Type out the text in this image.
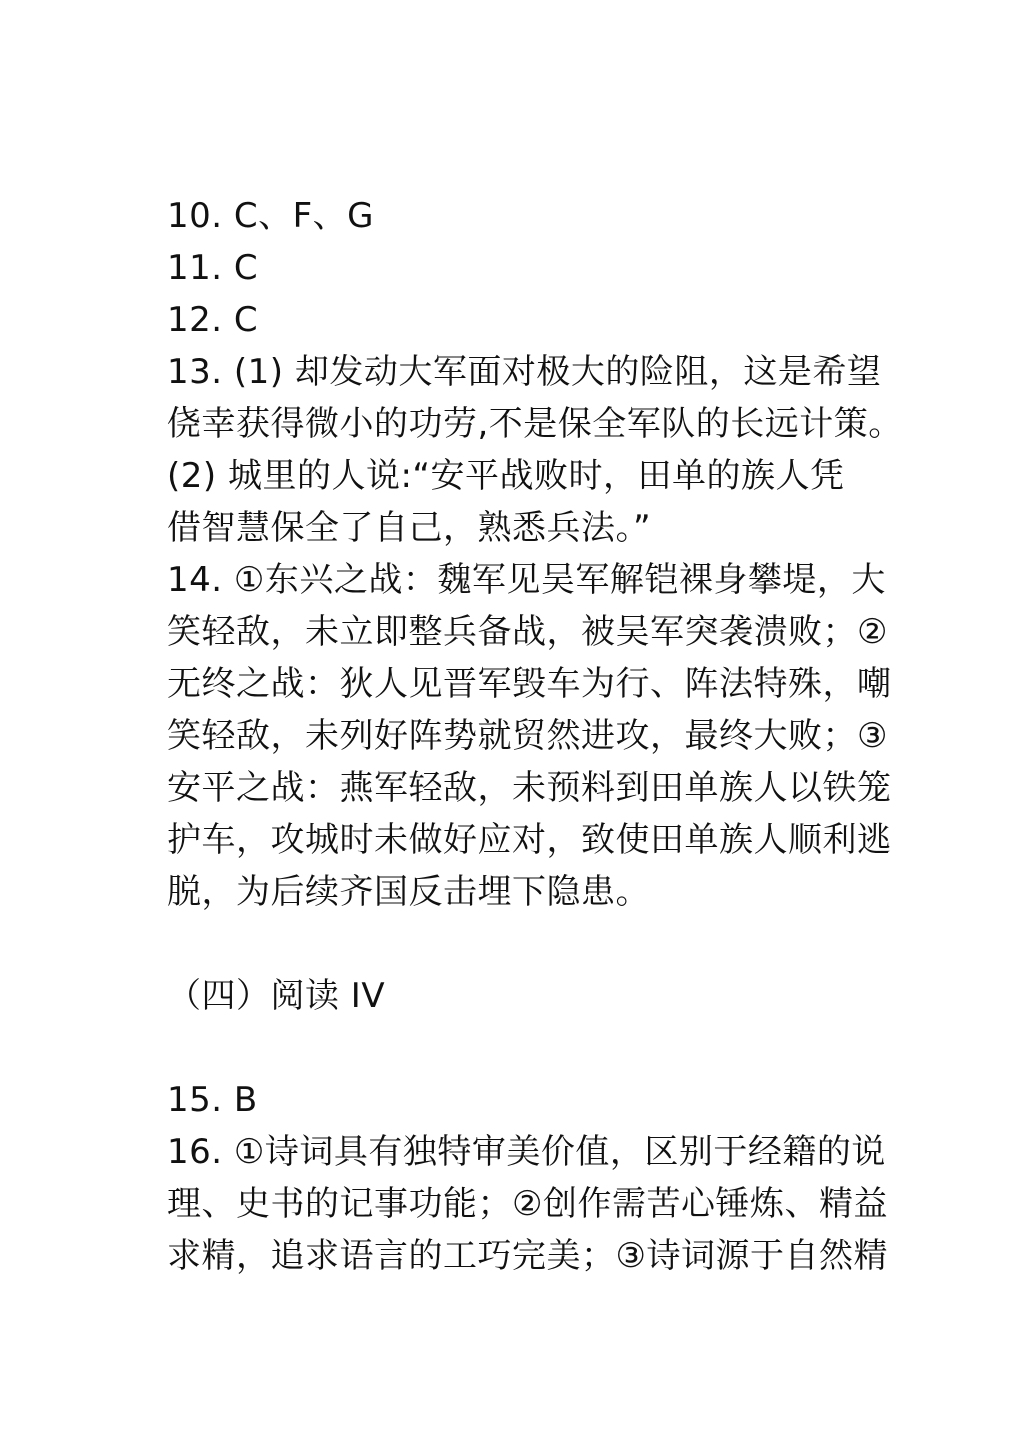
10. C、F、G
11. C
12. C
13. (1) 却发动大军面对极大的险阻，这是希望
侥幸获得微小的功劳,不是保全军队的长远计策。
(2) 城里的人说:“安平战败时，田单的族人凭
借智慧保全了自己，熟悉兵法。”
14. ①东兴之战：魏军见吴军解铠裸身攀堤，大
笑轻敌，未立即整兵备战，被吴军突袭溃败；②
无终之战：狄人见晋军毁车为行、阵法特殊，嘲
笑轻敌，未列好阵势就贸然进攻，最终大败；③
安平之战：燕军轻敌，未预料到田单族人以铁笼
护车，攻城时未做好应对，致使田单族人顺利逃
脱，为后续齐国反击埋下隐患。
（四）阅读 IV
15. B
16. ①诗词具有独特审美价值，区别于经籍的说
理、史书的记事功能；②创作需苦心锤炼、精益
求精，追求语言的工巧完美；③诗词源于自然精
